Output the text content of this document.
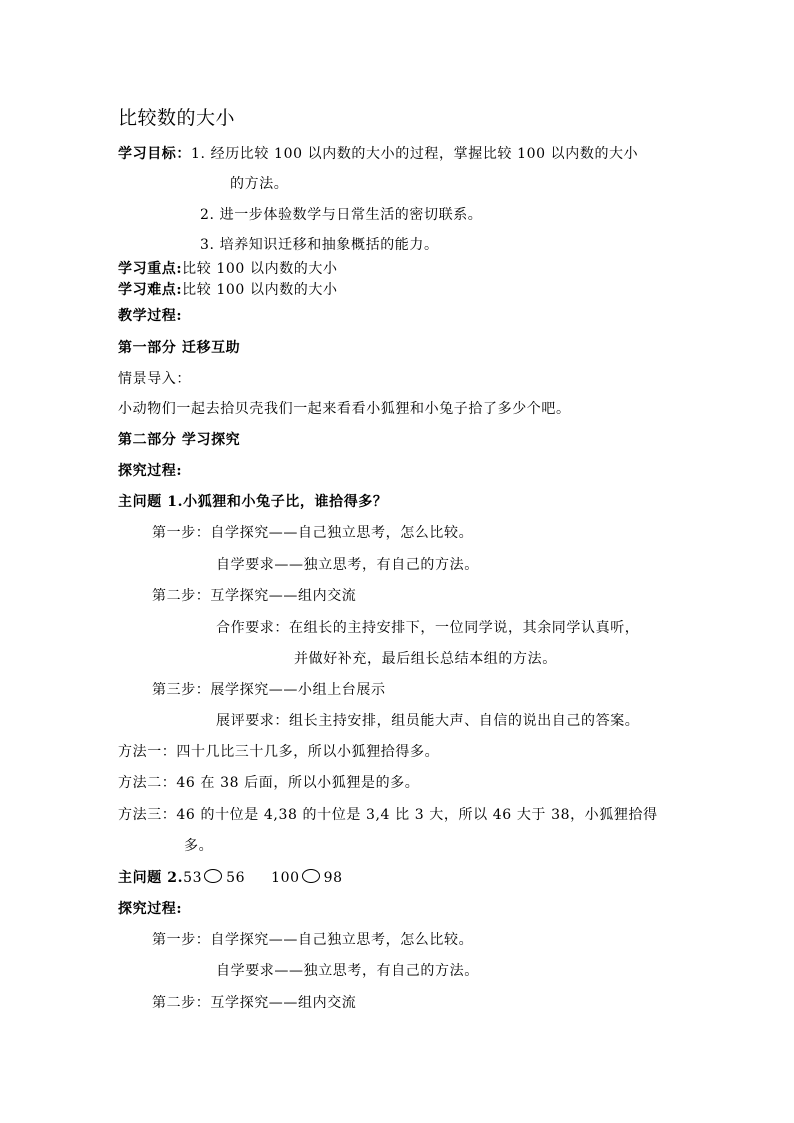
比较数的大小
学习目标：1. 经历比较 100 以内数的大小的过程，掌握比较 100 以内数的大小
的方法。
2. 进一步体验数学与日常生活的密切联系。
3. 培养知识迁移和抽象概括的能力。
学习重点:比较 100 以内数的大小
学习难点:比较 100 以内数的大小
教学过程:
第一部分 迁移互助
情景导入：
小动物们一起去拾贝壳我们一起来看看小狐狸和小兔子拾了多少个吧。
第二部分 学习探究
探究过程:
主问题 1.小狐狸和小兔子比，谁拾得多？
第一步：自学探究——自己独立思考，怎么比较。
自学要求——独立思考，有自己的方法。
第二步：互学探究——组内交流
合作要求：在组长的主持安排下，一位同学说，其余同学认真听，
并做好补充，最后组长总结本组的方法。
第三步：展学探究——小组上台展示
展评要求：组长主持安排，组员能大声、自信的说出自己的答案。
方法一：四十几比三十几多，所以小狐狸拾得多。
方法二：46 在 38 后面，所以小狐狸是的多。
方法三：46 的十位是 4,38 的十位是 3,4 比 3 大，所以 46 大于 38，小狐狸拾得
多。
主问题 2.53 56 100 98
探究过程:
第一步：自学探究——自己独立思考，怎么比较。
自学要求——独立思考，有自己的方法。
第二步：互学探究——组内交流
